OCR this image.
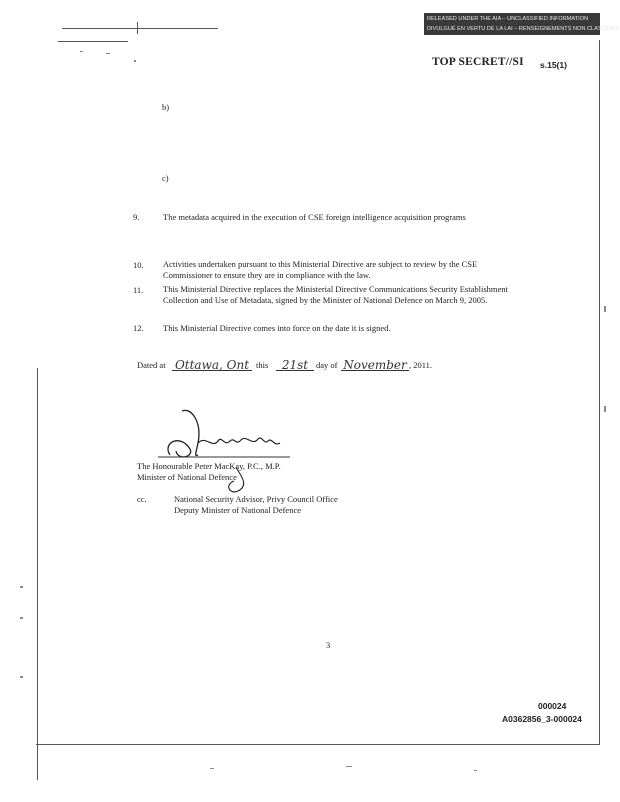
RELEASED UNDER THE AIA – UNCLASSIFIED INFORMATION
DIVULGUÉ EN VERTU DE LA LAI – RENSEIGNEMENTS NON CLASSIFIÉS
TOP SECRET//SI s.15(1)
b)
c)
9.	The metadata acquired in the execution of CSE foreign intelligence acquisition programs
10. Activities undertaken pursuant to this Ministerial Directive are subject to review by the CSE Commissioner to ensure they are in compliance with the law.
11. This Ministerial Directive replaces the Ministerial Directive Communications Security Establishment Collection and Use of Metadata, signed by the Minister of National Defence on March 9, 2005.
12. This Ministerial Directive comes into force on the date it is signed.
Dated at Ottawa, Ont this	21st day of November , 2011.
The Honourable Peter MacKay, P.C., M.P.
Minister of National Defence
cc.	National Security Advisor, Privy Council Office
Deputy Minister of National Defence
3
000024
A0362856_3-000024
